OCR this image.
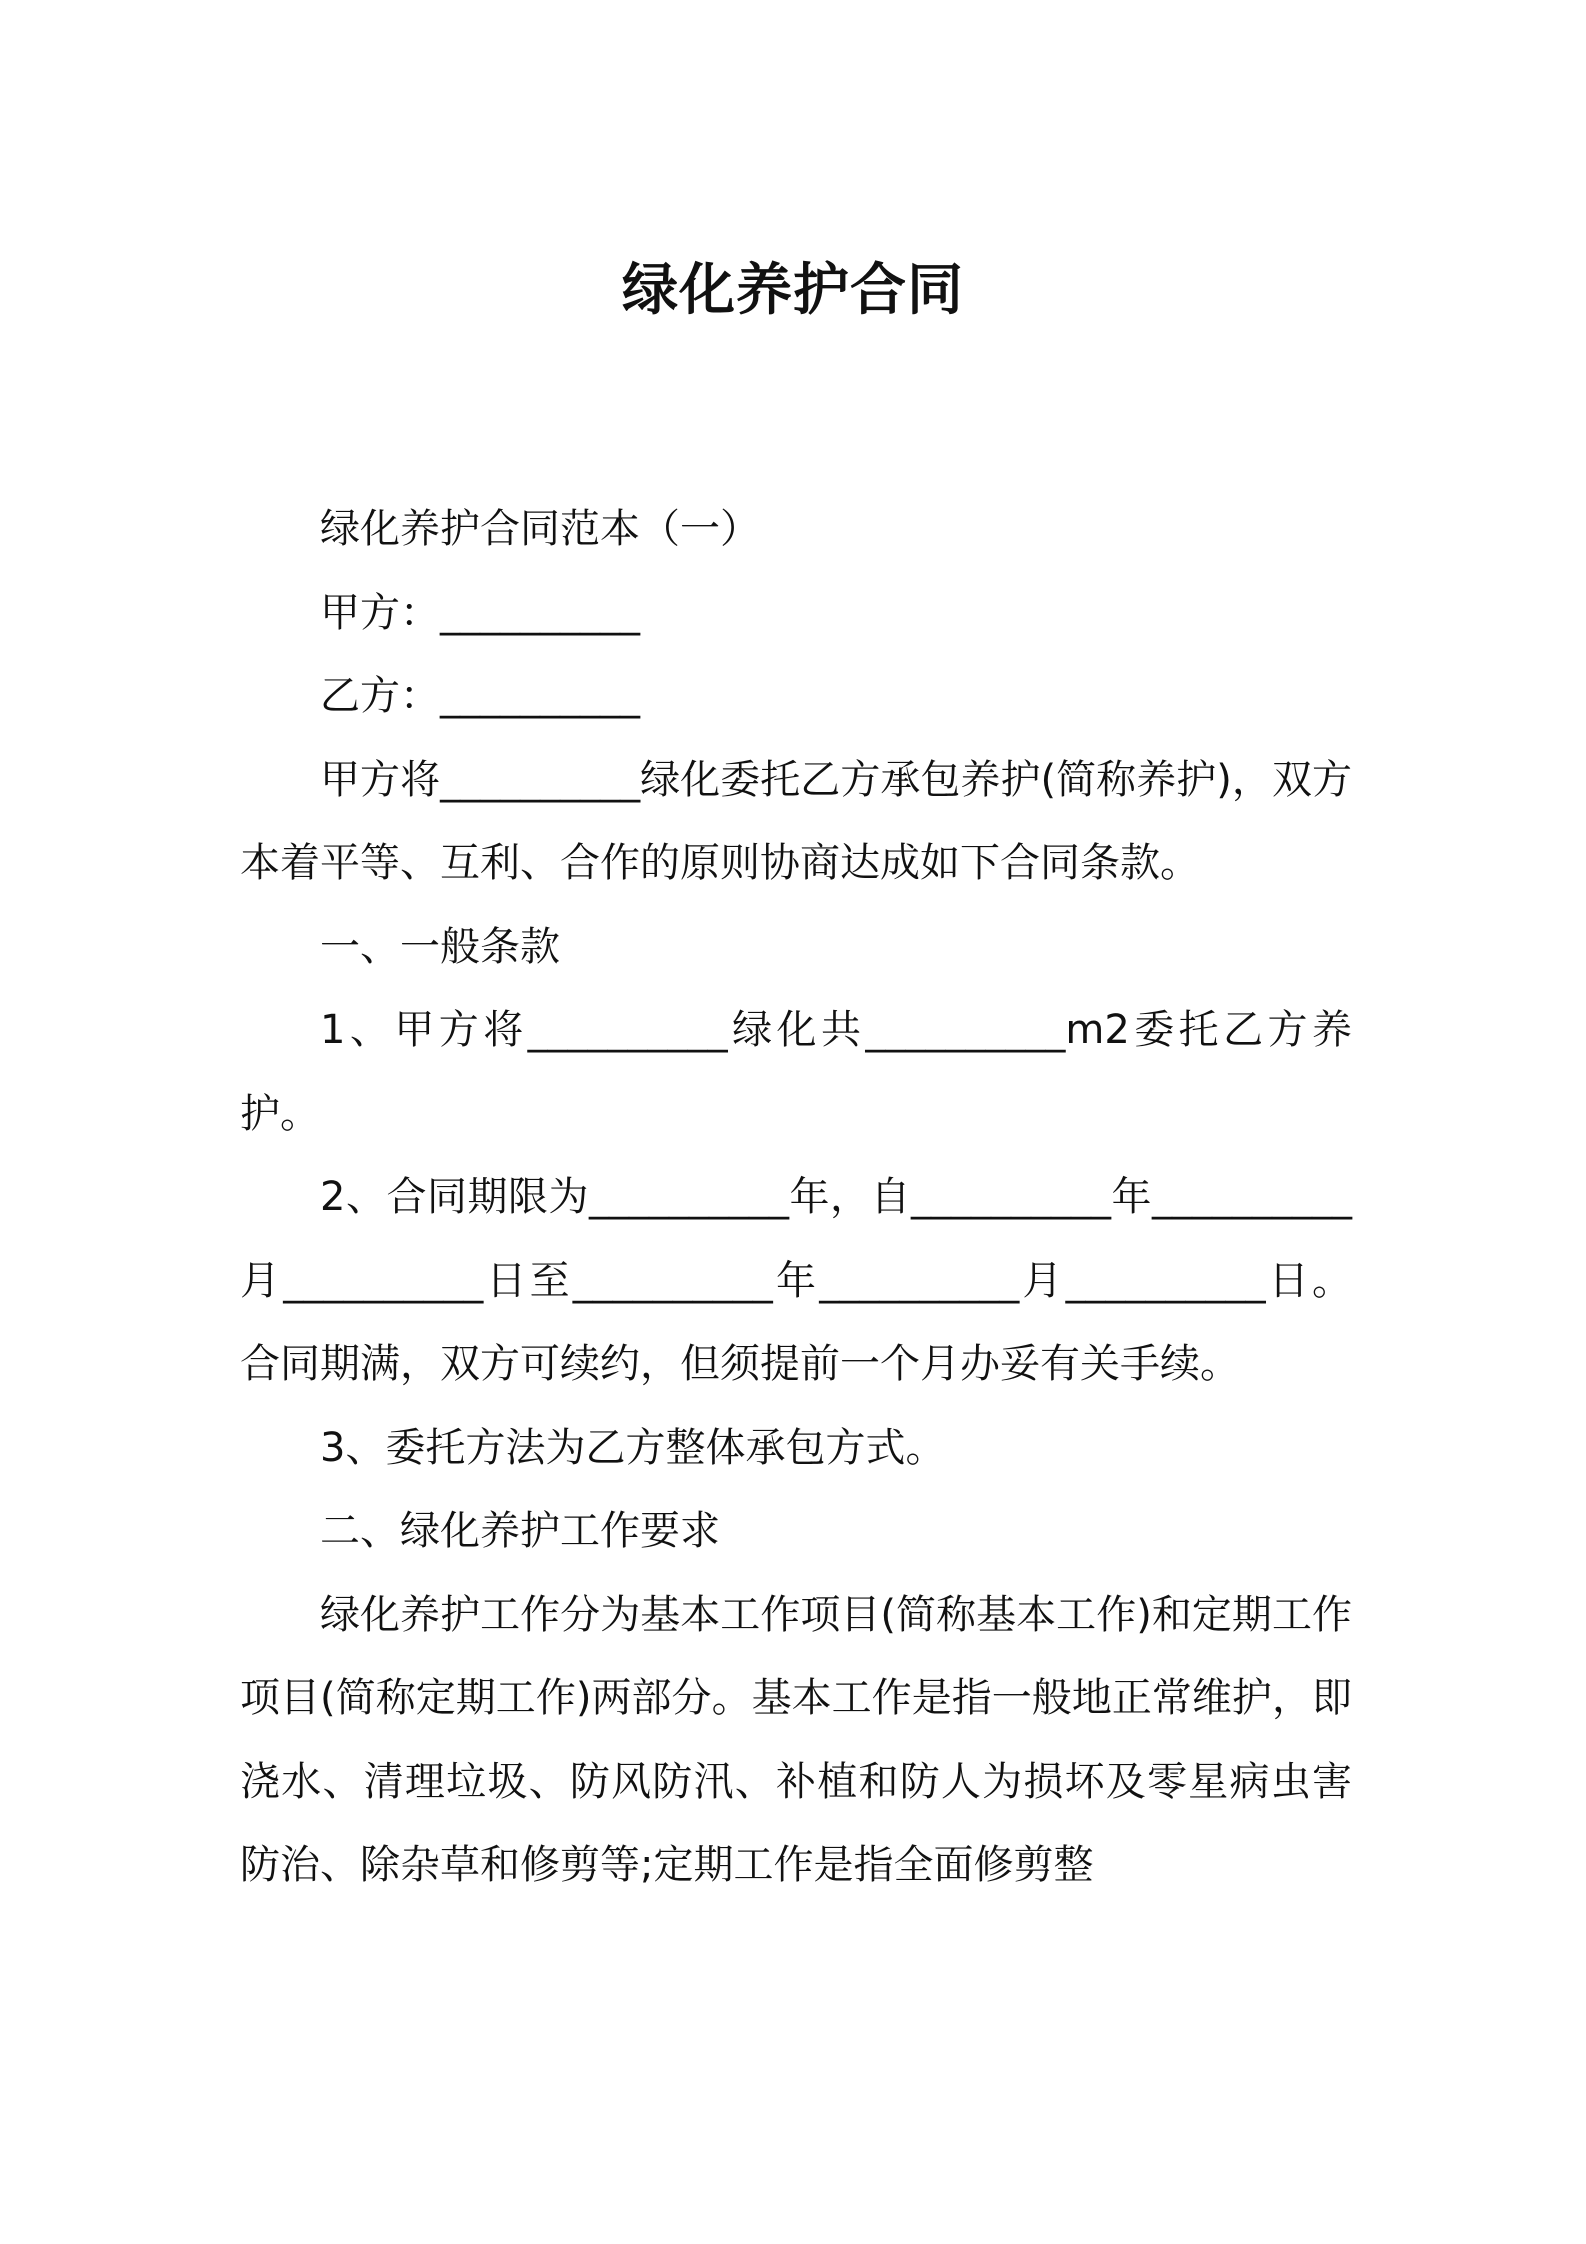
绿化养护合同

绿化养护合同范本（一）

甲方：__________

乙方：__________

甲方将__________绿化委托乙方承包养护(简称养护)，双方本着平等、互利、合作的原则协商达成如下合同条款。

一、一般条款

1、甲方将__________绿化共__________m2委托乙方养护。

2、合同期限为__________年，自__________年__________月__________日至__________年__________月__________日。合同期满，双方可续约，但须提前一个月办妥有关手续。

3、委托方法为乙方整体承包方式。

二、绿化养护工作要求

绿化养护工作分为基本工作项目(简称基本工作)和定期工作项目(简称定期工作)两部分。基本工作是指一般地正常维护，即浇水、清理垃圾、防风防汛、补植和防人为损坏及零星病虫害防治、除杂草和修剪等;定期工作是指全面修剪整
